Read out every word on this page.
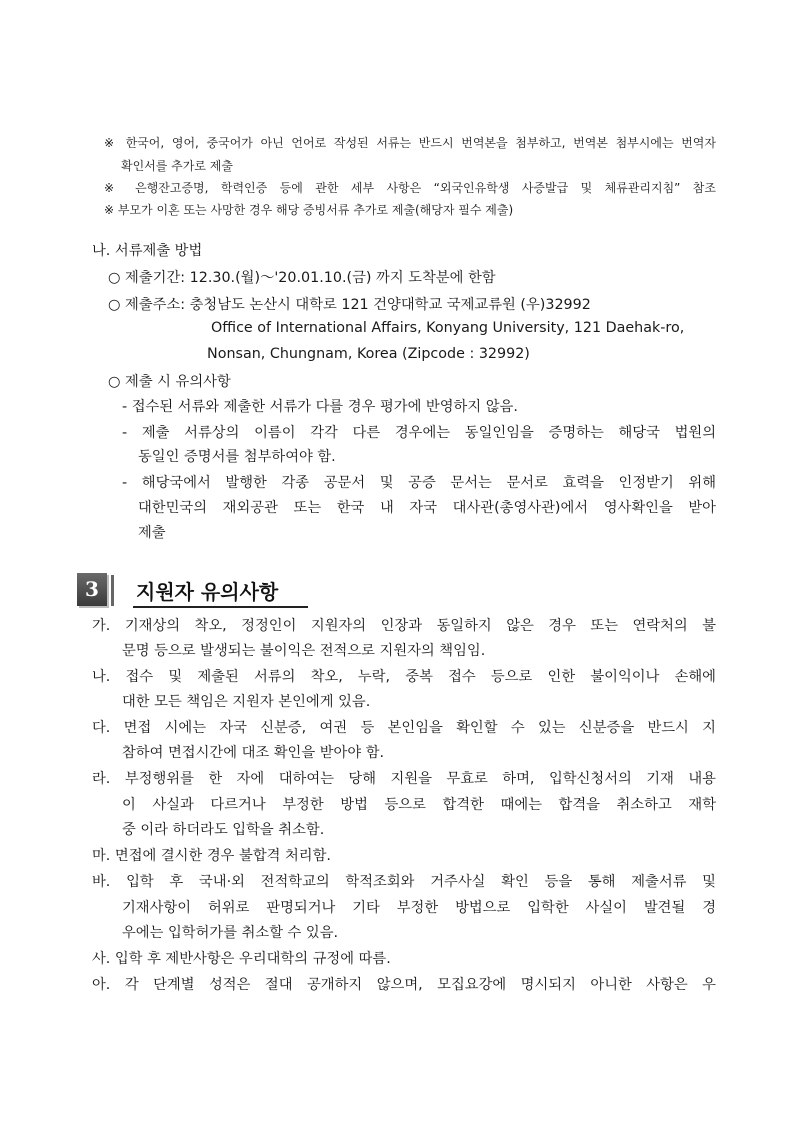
※ 한국어, 영어, 중국어가 아닌 언어로 작성된 서류는 반드시 번역본을 첨부하고, 번역본 첨부시에는 번역자
확인서를 추가로 제출
※ 은행잔고증명, 학력인증 등에 관한 세부 사항은 “외국인유학생 사증발급 및 체류관리지침” 참조
※ 부모가 이혼 또는 사망한 경우 해당 증빙서류 추가로 제출(해당자 필수 제출)
나. 서류제출 방법
○ 제출기간: 12.30.(월)～'20.01.10.(금) 까지 도착분에 한함
○ 제출주소: 충청남도 논산시 대학로 121 건양대학교 국제교류원 (우)32992
Office of International Affairs, Konyang University, 121 Daehak-ro,
Nonsan, Chungnam, Korea (Zipcode : 32992)
○ 제출 시 유의사항
- 접수된 서류와 제출한 서류가 다를 경우 평가에 반영하지 않음.
- 제출 서류상의 이름이 각각 다른 경우에는 동일인임을 증명하는 해당국 법원의
동일인 증명서를 첨부하여야 함.
- 해당국에서 발행한 각종 공문서 및 공증 문서는 문서로 효력을 인정받기 위해
대한민국의 재외공관 또는 한국 내 자국 대사관(총영사관)에서 영사확인을 받아
제출
3	지원자 유의사항
가. 기재상의 착오, 정정인이 지원자의 인장과 동일하지 않은 경우 또는 연락처의 불
문명 등으로 발생되는 불이익은 전적으로 지원자의 책임임.
나. 접수 및 제출된 서류의 착오, 누락, 중복 접수 등으로 인한 불이익이나 손해에
대한 모든 책임은 지원자 본인에게 있음.
다. 면접 시에는 자국 신분증, 여권 등 본인임을 확인할 수 있는 신분증을 반드시 지
참하여 면접시간에 대조 확인을 받아야 함.
라. 부정행위를 한 자에 대하여는 당해 지원을 무효로 하며, 입학신청서의 기재 내용
이 사실과 다르거나 부정한 방법 등으로 합격한 때에는 합격을 취소하고 재학
중 이라 하더라도 입학을 취소함.
마. 면접에 결시한 경우 불합격 처리함.
바. 입학 후 국내·외 전적학교의 학적조회와 거주사실 확인 등을 통해 제출서류 및
기재사항이 허위로 판명되거나 기타 부정한 방법으로 입학한 사실이 발견될 경
우에는 입학허가를 취소할 수 있음.
사. 입학 후 제반사항은 우리대학의 규정에 따름.
아. 각 단계별 성적은 절대 공개하지 않으며, 모집요강에 명시되지 아니한 사항은 우
